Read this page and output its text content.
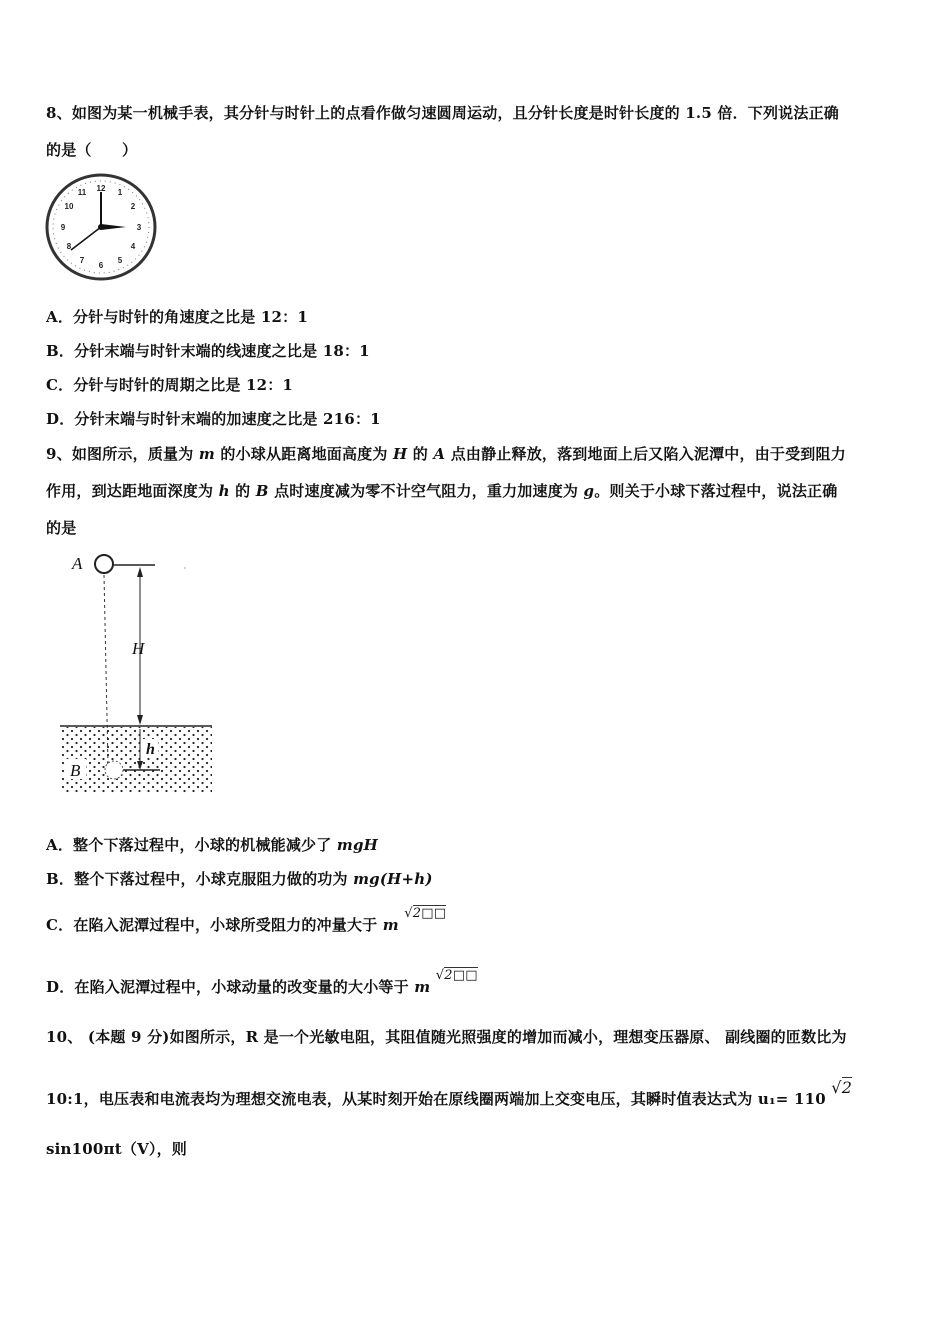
8、如图为某一机械手表，其分针与时针上的点看作做匀速圆周运动，且分针长度是时针长度的 1.5 倍．下列说法正确
的是（　　）
12 1
2
3
4
5
6
7
8
9
10
11
A．分针与时针的角速度之比是 12：1
B．分针末端与时针末端的线速度之比是 18：1
C．分针与时针的周期之比是 12：1
D．分针末端与时针末端的加速度之比是 216：1
9、如图所示，质量为 m 的小球从距离地面高度为 H 的 A 点由静止释放，落到地面上后又陷入泥潭中，由于受到阻力
作用，到达距地面深度为 h 的 B 点时速度减为零不计空气阻力，重力加速度为 g。则关于小球下落过程中，说法正确
的是
A
H
h
B
A．整个下落过程中，小球的机械能减少了 mgH
B．整个下落过程中，小球克服阻力做的功为 mg(H+h)
C．在陷入泥潭过程中，小球所受阻力的冲量大于 m √2□□
D．在陷入泥潭过程中，小球动量的改变量的大小等于 m √2□□
10、 (本题 9 分)如图所示，R 是一个光敏电阻，其阻值随光照强度的增加而减小，理想变压器原、 副线圈的匝数比为
10:1，电压表和电流表均为理想交流电表，从某时刻开始在原线圈两端加上交变电压，其瞬时值表达式为 u₁= 110 √2
sin100πt（V），则
